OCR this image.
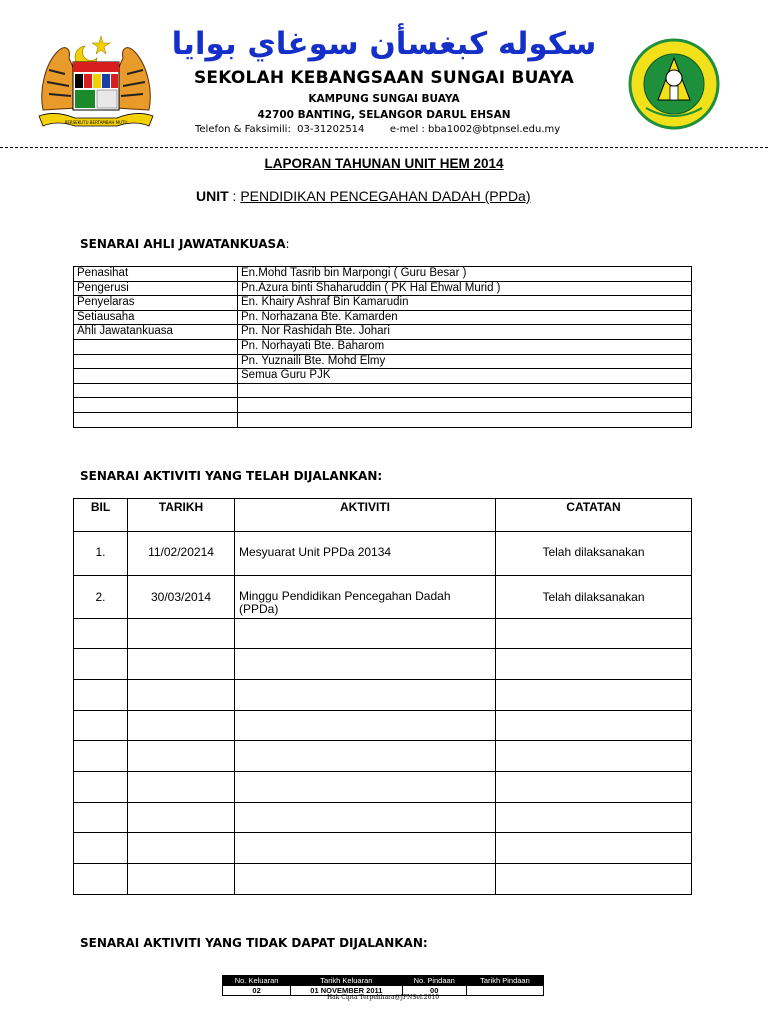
BERSEKUTU BERTAMBAH MUTU
سكوله كبغسأن سوغاي بوايا
SEKOLAH KEBANGSAAN SUNGAI BUAYA
KAMPUNG SUNGAI BUAYA
42700 BANTING, SELANGOR DARUL EHSAN
Telefon & Faksimili:  03-31202514        e-mel : bba1002@btpnsel.edu.my
LAPORAN TAHUNAN UNIT HEM 2014
UNIT : PENDIDIKAN PENCEGAHAN DADAH (PPDa)
SENARAI AHLI JAWATANKUASA:
Penasihat	En.Mohd Tasrib bin Marpongi ( Guru Besar )
Pengerusi	Pn.Azura binti Shaharuddin ( PK Hal Ehwal Murid )
Penyelaras	En. Khairy Ashraf Bin Kamarudin
Setiausaha	Pn. Norhazana Bte. Kamarden
Ahli Jawatankuasa	Pn. Nor Rashidah Bte. Johari
	Pn. Norhayati Bte. Baharom
	Pn. Yuznaili Bte. Mohd Elmy
	Semua Guru PJK

SENARAI AKTIVITI YANG TELAH DIJALANKAN:
BIL	TARIKH	AKTIVITI	CATATAN
1.	11/02/20214	Mesyuarat Unit PPDa 20134	Telah dilaksanakan
2.	30/03/2014	Minggu Pendidikan Pencegahan Dadah (PPDa)	Telah dilaksanakan

SENARAI AKTIVITI YANG TIDAK DAPAT DIJALANKAN:
No. Keluaran	Tarikh Keluaran	No. Pindaan	Tarikh Pindaan
02	01 NOVEMBER 2011	00	
Hak Cipta Terpelihara@JPNSel.2010
